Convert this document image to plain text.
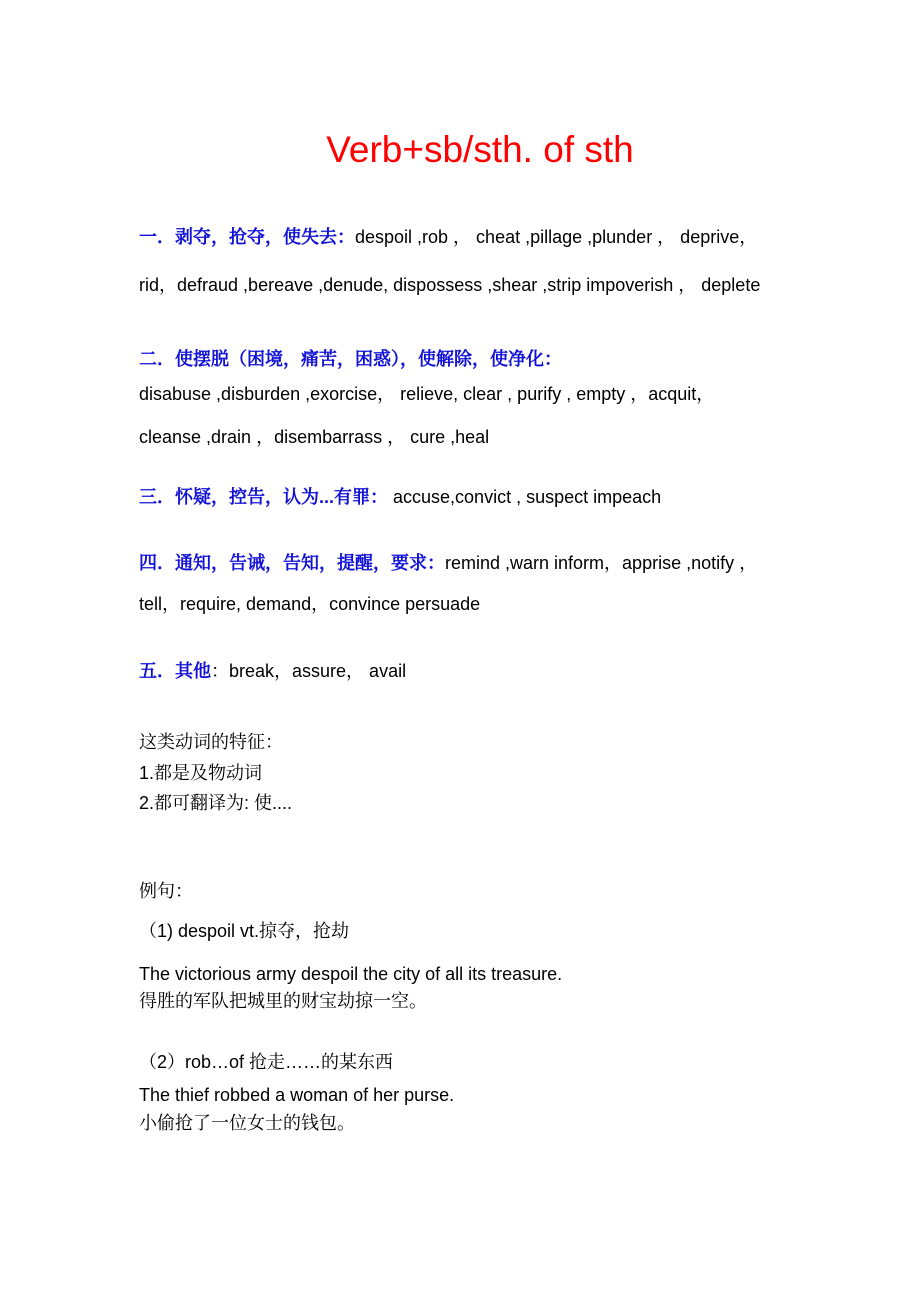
Verb+sb/sth. of sth
一．剥夺，抢夺，使失去：despoil ,rob ， cheat ,pillage ,plunder ， deprive，
rid，defraud ,bereave ,denude, dispossess ,shear ,strip impoverish ， deplete
二．使摆脱（困境，痛苦，困惑），使解除，使净化：
disabuse ,disburden ,exorcise， relieve, clear , purify , empty ，acquit，
cleanse ,drain ，disembarrass ， cure ,heal
三．怀疑，控告，认为...有罪： accuse,convict , suspect impeach
四．通知，告诫，告知，提醒，要求：remind ,warn inform，apprise ,notify ，
tell，require, demand，convince persuade
五．其他：break，assure， avail
这类动词的特征：
1.都是及物动词
2.都可翻译为: 使....
例句：
（1) despoil vt.掠夺，抢劫
The victorious army despoil the city of all its treasure.
得胜的军队把城里的财宝劫掠一空。
（2）rob…of 抢走……的某东西
The thief robbed a woman of her purse.
小偷抢了一位女士的钱包。
